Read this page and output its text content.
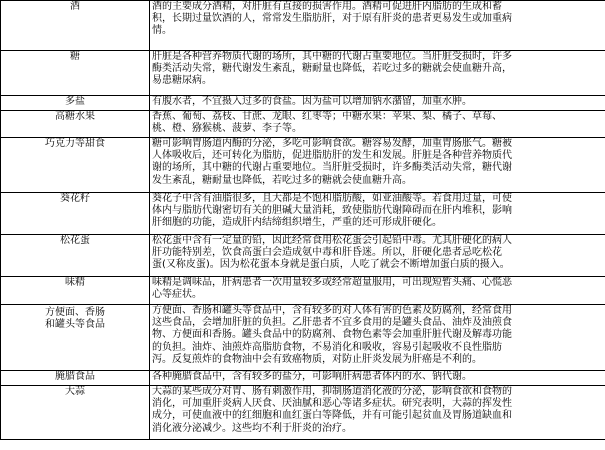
酒	酒的主要成分酒精，对肝脏有直接的损害作用。酒精可促进肝内脂肪的生成和蓄
积，长期过量饮酒的人，常常发生脂肪肝，对于原有肝炎的患者更易发生或加重病
情。
糖	肝脏是各种营养物质代谢的场所，其中糖的代谢占重要地位。当肝脏受损时，许多
酶类活动失常，糖代谢发生紊乱，糖耐量也降低，若吃过多的糖就会使血糖升高，
易患糖尿病。
多盐	有腹水者，不宜摄入过多的食盐。因为盐可以增加钠水潴留，加重水肿。
高糖水果	香蕉、葡萄、荔枝、甘蔗、龙眼、红枣等；中糖水果：苹果、梨、橘子、草莓、
桃、橙、猕猴桃、菠萝、李子等。
巧克力等甜食	糖可影响胃肠道内酶的分泌，多吃可影响食欲。糖容易发酵，加重胃肠胀气。糖被
人体吸收后，还可转化为脂肪，促进脂肪肝的发生和发展。肝脏是各种营养物质代
谢的场所，其中糖的代谢占重要地位。当肝脏受损时，许多酶类活动失常，糖代谢
发生紊乱，糖耐量也降低，若吃过多的糖就会使血糖升高。
葵花籽	葵花子中含有油脂很多，且大都是不饱和脂肪酸，如亚油酸等。若食用过量，可使
体内与脂肪代谢密切有关的胆碱大量消耗，致使脂肪代谢障碍而在肝内堆积，影响
肝细胞的功能，造成肝内结缔组织增生，严重的还可形成肝硬化。
松花蛋	松花蛋中含有一定量的铅，因此经常食用松花蛋会引起铅中毒。尤其肝硬化的病人
肝功能特别差，饮食高蛋白会造成氨中毒和肝昏迷。所以，肝硬化患者忌吃松花
蛋(又称皮蛋)。因为松花蛋本身就是蛋白质，人吃了就会不断增加蛋白质的摄入。
味精	味精是调味品，肝病患者一次用量较多或经常超量服用，可出现短暂头痛、心慌恶
心等症状。
方便面、香肠
和罐头等食品	方便面、香肠和罐头等食品中，含有较多的对人体有害的色素及防腐剂，经常食用
这些食品，会增加肝脏的负担。乙肝患者不宜多食用的是罐头食品、油炸及油煎食
物、方便面和香肠。罐头食品中的防腐剂、食物色素等会加重肝脏代谢及解毒功能
的负担。油炸、油煎炸高脂肪食物，不易消化和吸收，容易引起吸收不良性脂肪
泻。反复煎炸的食物油中会有致癌物质，对防止肝炎发展为肝癌是不利的。
腌腊食品	各种腌腊食品中，含有较多的盐分，可影响肝病患者体内的水、钠代谢。
大蒜	大蒜的某些成分对胃、肠有刺激作用，抑制肠道消化液的分泌，影响食欲和食物的
消化，可加重肝炎病人厌食、厌油腻和恶心等诸多症状。研究表明，大蒜的挥发性
成分，可使血液中的红细胞和血红蛋白等降低，并有可能引起贫血及胃肠道缺血和
消化液分泌减少。这些均不利于肝炎的治疗。
